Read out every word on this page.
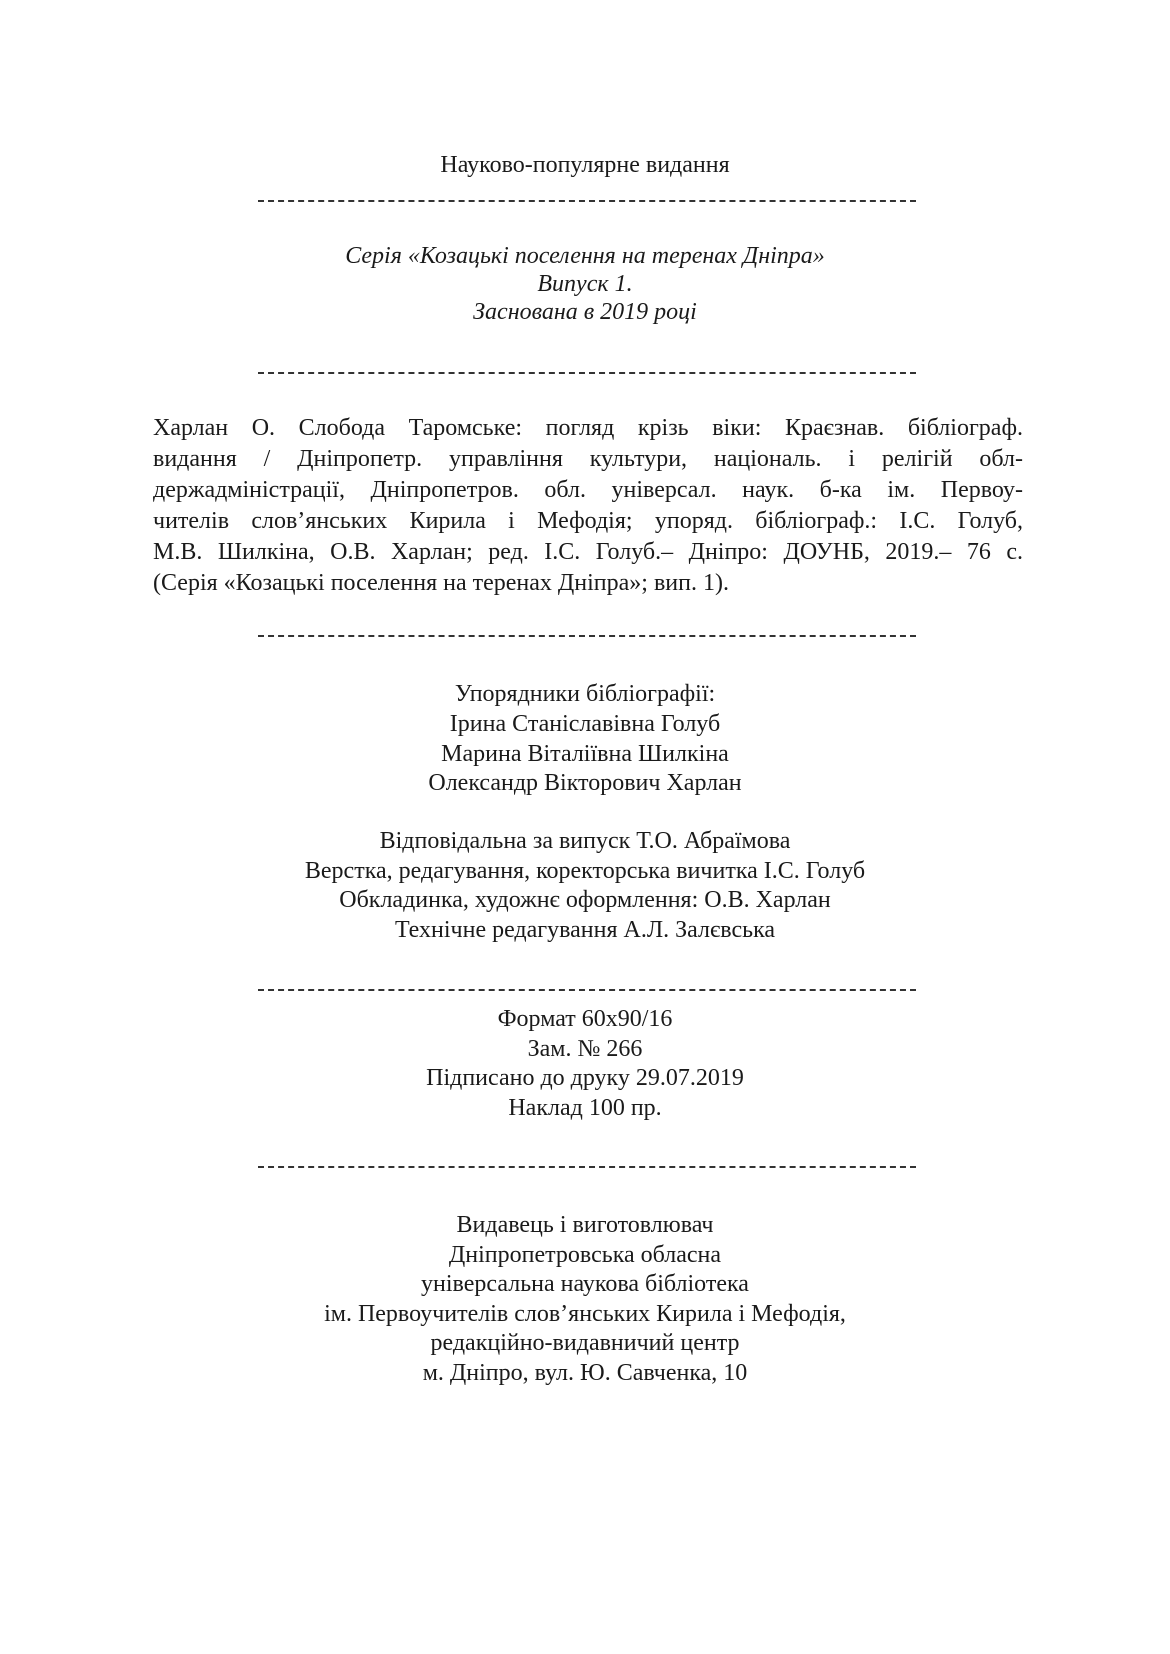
Науково-популярне видання
Серія «Козацькі поселення на теренах Дніпра»
Випуск 1.
Заснована в 2019 році
Харлан О. Слобода Таромське: погляд крізь віки: Краєзнав. бібліограф.
видання / Дніпропетр. управління культури, національ. і релігій обл-
держадміністрації, Дніпропетров. обл. універсал. наук. б-ка ім. Первоу-
чителів слов’янських Кирила і Мефодія; упоряд. бібліограф.: І.С. Голуб,
М.В. Шилкіна, О.В. Харлан; ред. І.С. Голуб.– Дніпро: ДОУНБ, 2019.– 76 с.
(Серія «Козацькі поселення на теренах Дніпра»; вип. 1).
Упорядники бібліографії:
Ірина Станіславівна Голуб
Марина Віталіївна Шилкіна
Олександр Вікторович Харлан
Відповідальна за випуск Т.О. Абраїмова
Верстка, редагування, коректорська вичитка І.С. Голуб
Обкладинка, художнє оформлення: О.В. Харлан
Технічне редагування А.Л. Залєвська
Формат 60х90/16
Зам. № 266
Підписано до друку 29.07.2019
Наклад 100 пр.
Видавець і виготовлювач
Дніпропетровська обласна
універсальна наукова бібліотека
ім. Первоучителів слов’янських Кирила і Мефодія,
редакційно-видавничий центр
м. Дніпро, вул. Ю. Савченка, 10
